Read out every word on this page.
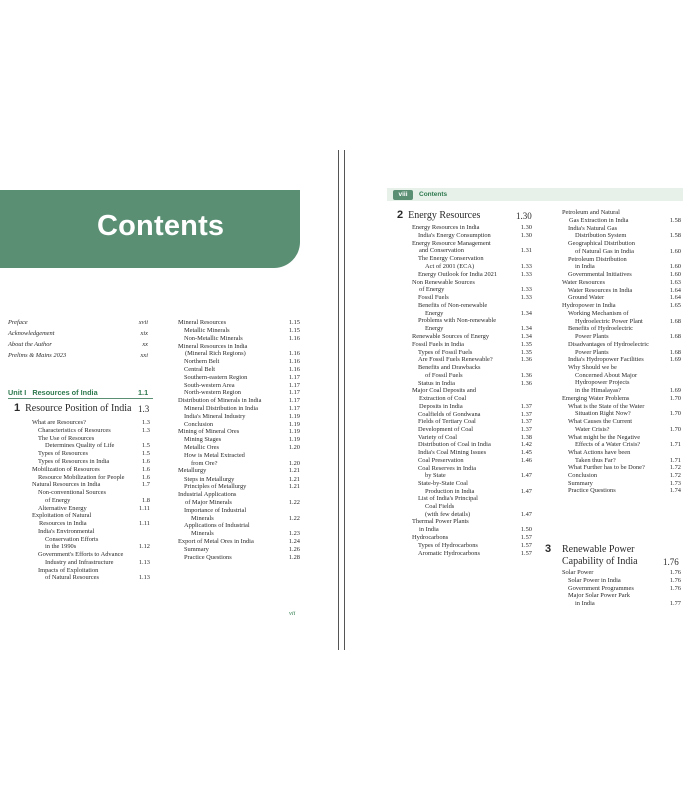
Contents
Preface	xvii
Acknowledgement	xix
About the Author	xx
Prelims & Mains 2023	xxi
Unit I Resources of India	1.1
1 Resource Position of India 1.3
What are Resources?	1.3
Characteristics of Resources	1.3
The Use of Resources
Determines Quality of Life	1.5
Types of Resources	1.5
Types of Resources in India	1.6
Mobilization of Resources	1.6
Resource Mobilization for People	1.6
Natural Resources in India	1.7
Non-conventional Sources
of Energy	1.8
Alternative Energy	1.11
Exploitation of Natural
Resources in India	1.11
India's Environmental
Conservation Efforts
in the 1990s	1.12
Government's Efforts to Advance
Industry and Infrastructure	1.13
Impacts of Exploitation
of Natural Resources	1.13
Mineral Resources	1.15
Metallic Minerals	1.15
Non-Metallic Minerals	1.16
Mineral Resources in India
(Mineral Rich Regions)	1.16
Northern Belt	1.16
Central Belt	1.16
Southern-eastern Region	1.17
South-western Area	1.17
North-western Region	1.17
Distribution of Minerals in India	1.17
Mineral Distribution in India	1.17
India's Mineral Industry	1.19
Conclusion	1.19
Mining of Mineral Ores	1.19
Mining Stages	1.19
Metallic Ores	1.20
How is Metal Extracted
from Ore?	1.20
Metallurgy	1.21
Steps in Metallurgy	1.21
Principles of Metallurgy	1.21
Industrial Applications
of Major Minerals	1.22
Importance of Industrial
Minerals	1.22
Applications of Industrial
Minerals	1.23
Export of Metal Ores in India	1.24
Summary	1.26
Practice Questions	1.28
vii
viii	Contents
2 Energy Resources	1.30
Energy Resources in India	1.30
India's Energy Consumption	1.30
Energy Resource Management
and Conservation	1.31
The Energy Conservation
Act of 2001 (ECA)	1.33
Energy Outlook for India 2021	1.33
Non Renewable Sources
of Energy	1.33
Fossil Fuels	1.33
Benefits of Non-renewable
Energy	1.34
Problems with Non-renewable
Energy	1.34
Renewable Sources of Energy	1.34
Fossil Fuels in India	1.35
Types of Fossil Fuels	1.35
Are Fossil Fuels Renewable?	1.36
Benefits and Drawbacks
of Fossil Fuels	1.36
Status in India	1.36
Major Coal Deposits and
Extraction of Coal
Deposits in India	1.37
Coalfields of Gondwana	1.37
Fields of Tertiary Coal	1.37
Development of Coal	1.37
Variety of Coal	1.38
Distribution of Coal in India	1.42
India's Coal Mining Issues	1.45
Coal Preservation	1.46
Coal Reserves in India
by State	1.47
State-by-State Coal
Production in India	1.47
List of India's Principal
Coal Fields
(with few details)	1.47
Thermal Power Plants
in India	1.50
Hydrocarbons	1.57
Types of Hydrocarbons	1.57
Aromatic Hydrocarbons	1.57
Petroleum and Natural
Gas Extraction in India	1.58
India's Natural Gas
Distribution System	1.58
Geographical Distribution
of Natural Gas in India	1.60
Petroleum Distribution
in India	1.60
Governmental Initiatives	1.60
Water Resources	1.63
Water Resources in India	1.64
Ground Water	1.64
Hydropower in India	1.65
Working Mechanism of
Hydroelectric Power Plant	1.68
Benefits of Hydroelectric
Power Plants	1.68
Disadvantages of Hydroelectric
Power Plants	1.68
India's Hydropower Facilities	1.69
Why Should we be
Concerned About Major
Hydropower Projects
in the Himalayas?	1.69
Emerging Water Problems	1.70
What is the State of the Water
Situation Right Now?	1.70
What Causes the Current
Water Crisis?	1.70
What might be the Negative
Effects of a Water Crisis?	1.71
What Actions have been
Taken thus Far?	1.71
What Further has to be Done?	1.72
Conclusion	1.72
Summary	1.73
Practice Questions	1.74
3 Renewable Power
Capability of India	1.76
Solar Power	1.76
Solar Power in India	1.76
Government Programmes	1.76
Major Solar Power Park
in India	1.77
